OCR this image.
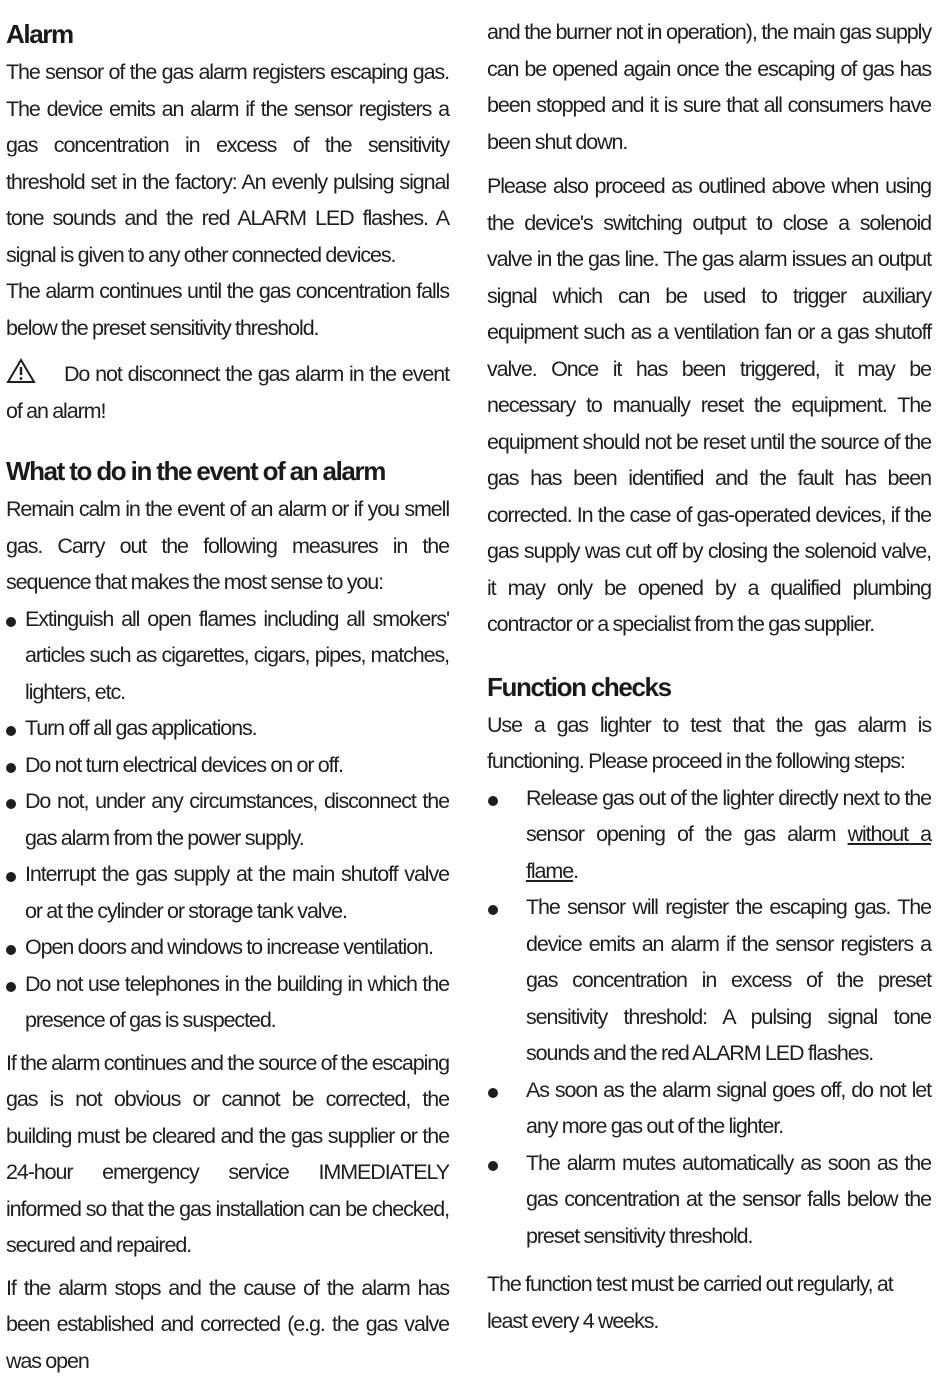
Alarm

The sensor of the gas alarm registers escaping gas. The device emits an alarm if the sensor registers a gas concentration in excess of the sensitivity threshold set in the factory: An evenly pulsing signal tone sounds and the red ALARM LED flashes. A signal is given to any other connected devices.

The alarm continues until the gas concentration falls below the preset sensitivity threshold.

Do not disconnect the gas alarm in the event of an alarm!

What to do in the event of an alarm

Remain calm in the event of an alarm or if you smell gas. Carry out the following measures in the sequence that makes the most sense to you:

Extinguish all open flames including all smokers' articles such as cigarettes, cigars, pipes, matches, lighters, etc.
Turn off all gas applications.
Do not turn electrical devices on or off.
Do not, under any circumstances, disconnect the gas alarm from the power supply.
Interrupt the gas supply at the main shutoff valve or at the cylinder or storage tank valve.
Open doors and windows to increase ventilation.
Do not use telephones in the building in which the presence of gas is suspected.

If the alarm continues and the source of the escaping gas is not obvious or cannot be corrected, the building must be cleared and the gas supplier or the 24-hour emergency service IMMEDIATELY informed so that the gas installation can be checked, secured and repaired.

If the alarm stops and the cause of the alarm has been established and corrected (e.g. the gas valve was open

and the burner not in operation), the main gas supply can be opened again once the escaping of gas has been stopped and it is sure that all consumers have been shut down.

Please also proceed as outlined above when using the device's switching output to close a solenoid valve in the gas line. The gas alarm issues an output signal which can be used to trigger auxiliary equipment such as a ventilation fan or a gas shutoff valve. Once it has been triggered, it may be necessary to manually reset the equipment. The equipment should not be reset until the source of the gas has been identified and the fault has been corrected. In the case of gas-operated devices, if the gas supply was cut off by closing the solenoid valve, it may only be opened by a qualified plumbing contractor or a specialist from the gas supplier.

Function checks

Use a gas lighter to test that the gas alarm is functioning. Please proceed in the following steps:

Release gas out of the lighter directly next to the sensor opening of the gas alarm without a flame.
The sensor will register the escaping gas. The device emits an alarm if the sensor registers a gas concentration in excess of the preset sensitivity threshold: A pulsing signal tone sounds and the red ALARM LED flashes.
As soon as the alarm signal goes off, do not let any more gas out of the lighter.
The alarm mutes automatically as soon as the gas concentration at the sensor falls below the preset sensitivity threshold.

The function test must be carried out regularly, at least every 4 weeks.
